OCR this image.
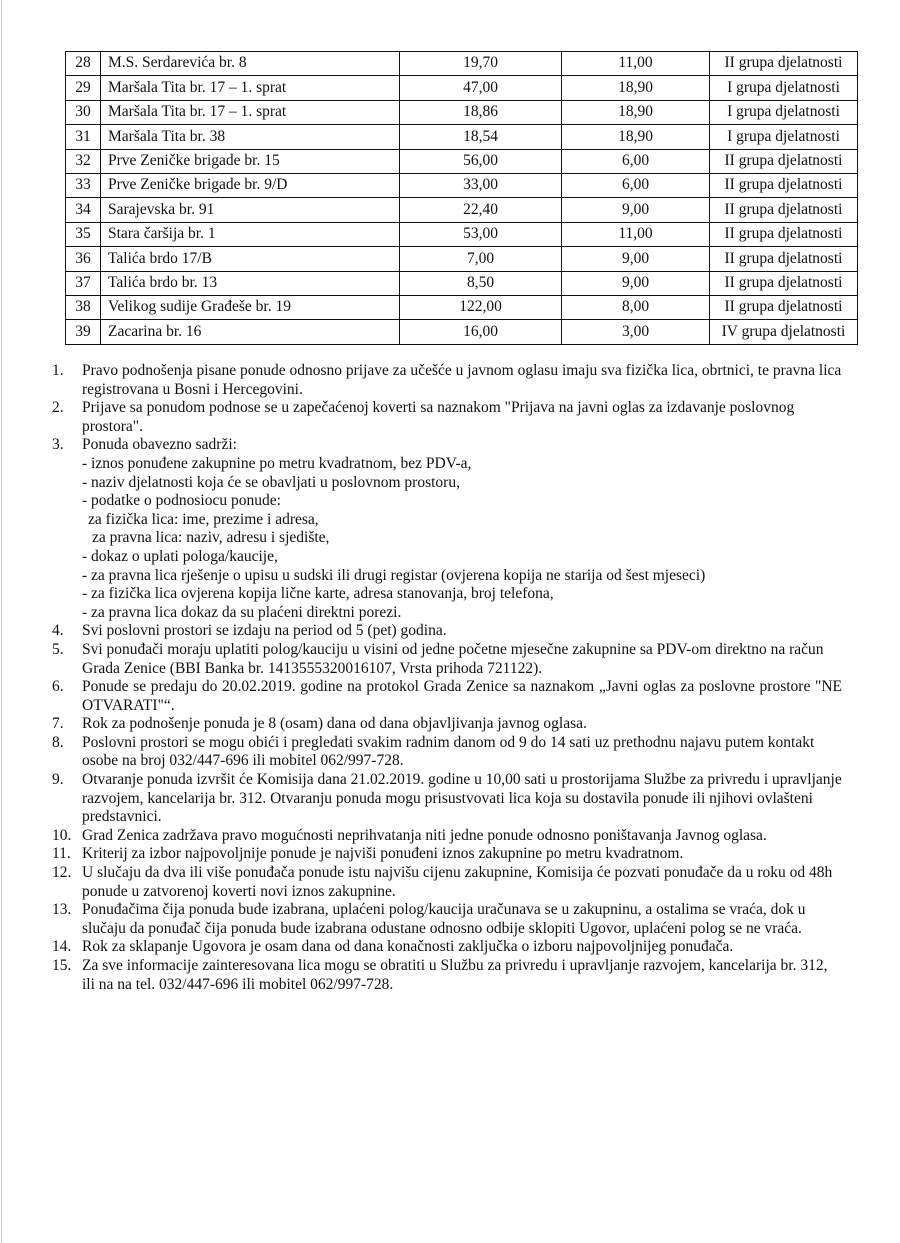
28	M.S. Serdarevića br. 8	19,70	11,00	II grupa djelatnosti
29	Maršala Tita br. 17 – 1. sprat	47,00	18,90	I grupa djelatnosti
30	Maršala Tita br. 17 – 1. sprat	18,86	18,90	I grupa djelatnosti
31	Maršala Tita br. 38	18,54	18,90	I grupa djelatnosti
32	Prve Zeničke brigade br. 15	56,00	6,00	II grupa djelatnosti
33	Prve Zeničke brigade br. 9/D	33,00	6,00	II grupa djelatnosti
34	Sarajevska br. 91	22,40	9,00	II grupa djelatnosti
35	Stara čaršija br. 1	53,00	11,00	II grupa djelatnosti
36	Talića brdo 17/B	7,00	9,00	II grupa djelatnosti
37	Talića brdo br. 13	8,50	9,00	II grupa djelatnosti
38	Velikog sudije Građeše br. 19	122,00	8,00	II grupa djelatnosti
39	Zacarina br. 16	16,00	3,00	IV grupa djelatnosti
1. Pravo podnošenja pisane ponude odnosno prijave za učešće u javnom oglasu imaju sva fizička lica, obrtnici, te pravna lica registrovana u Bosni i Hercegovini.
2. Prijave sa ponudom podnose se u zapečaćenoj koverti sa naznakom "Prijava na javni oglas za izdavanje poslovnog prostora".
3. Ponuda obavezno sadrži:
- iznos ponuđene zakupnine po metru kvadratnom, bez PDV-a,
- naziv djelatnosti koja će se obavljati u poslovnom prostoru,
- podatke o podnosiocu ponude:
za fizička lica: ime, prezime i adresa,
za pravna lica: naziv, adresu i sjedište,
- dokaz o uplati pologa/kaucije,
- za pravna lica rješenje o upisu u sudski ili drugi registar (ovjerena kopija ne starija od šest mjeseci)
- za fizička lica ovjerena kopija lične karte, adresa stanovanja, broj telefona,
- za pravna lica dokaz da su plaćeni direktni porezi.
4. Svi poslovni prostori se izdaju na period od 5 (pet) godina.
5. Svi ponuđači moraju uplatiti polog/kauciju u visini od jedne početne mjesečne zakupnine sa PDV-om direktno na račun Grada Zenice (BBI Banka br. 1413555320016107, Vrsta prihoda 721122).
6. Ponude se predaju do 20.02.2019. godine na protokol Grada Zenice sa naznakom „Javni oglas za poslovne prostore "NE OTVARATI"“.
7. Rok za podnošenje ponuda je 8 (osam) dana od dana objavljivanja javnog oglasa.
8. Poslovni prostori se mogu obići i pregledati svakim radnim danom od 9 do 14 sati uz prethodnu najavu putem kontakt osobe na broj 032/447-696 ili mobitel 062/997-728.
9. Otvaranje ponuda izvršit će Komisija dana 21.02.2019. godine u 10,00 sati u prostorijama Službe za privredu i upravljanje razvojem, kancelarija br. 312. Otvaranju ponuda mogu prisustvovati lica koja su dostavila ponude ili njihovi ovlašteni predstavnici.
10. Grad Zenica zadržava pravo mogućnosti neprihvatanja niti jedne ponude odnosno poništavanja Javnog oglasa.
11. Kriterij za izbor najpovoljnije ponude je najviši ponuđeni iznos zakupnine po metru kvadratnom.
12. U slučaju da dva ili više ponuđača ponude istu najvišu cijenu zakupnine, Komisija će pozvati ponuđače da u roku od 48h ponude u zatvorenoj koverti novi iznos zakupnine.
13. Ponuđačima čija ponuda bude izabrana, uplaćeni polog/kaucija uračunava se u zakupninu, a ostalima se vraća, dok u slučaju da ponuđač čija ponuda bude izabrana odustane odnosno odbije sklopiti Ugovor, uplaćeni polog se ne vraća.
14. Rok za sklapanje Ugovora je osam dana od dana konačnosti zaključka o izboru najpovoljnijeg ponuđača.
15. Za sve informacije zainteresovana lica mogu se obratiti u Službu za privredu i upravljanje razvojem, kancelarija br. 312, ili na na tel. 032/447-696 ili mobitel 062/997-728.
